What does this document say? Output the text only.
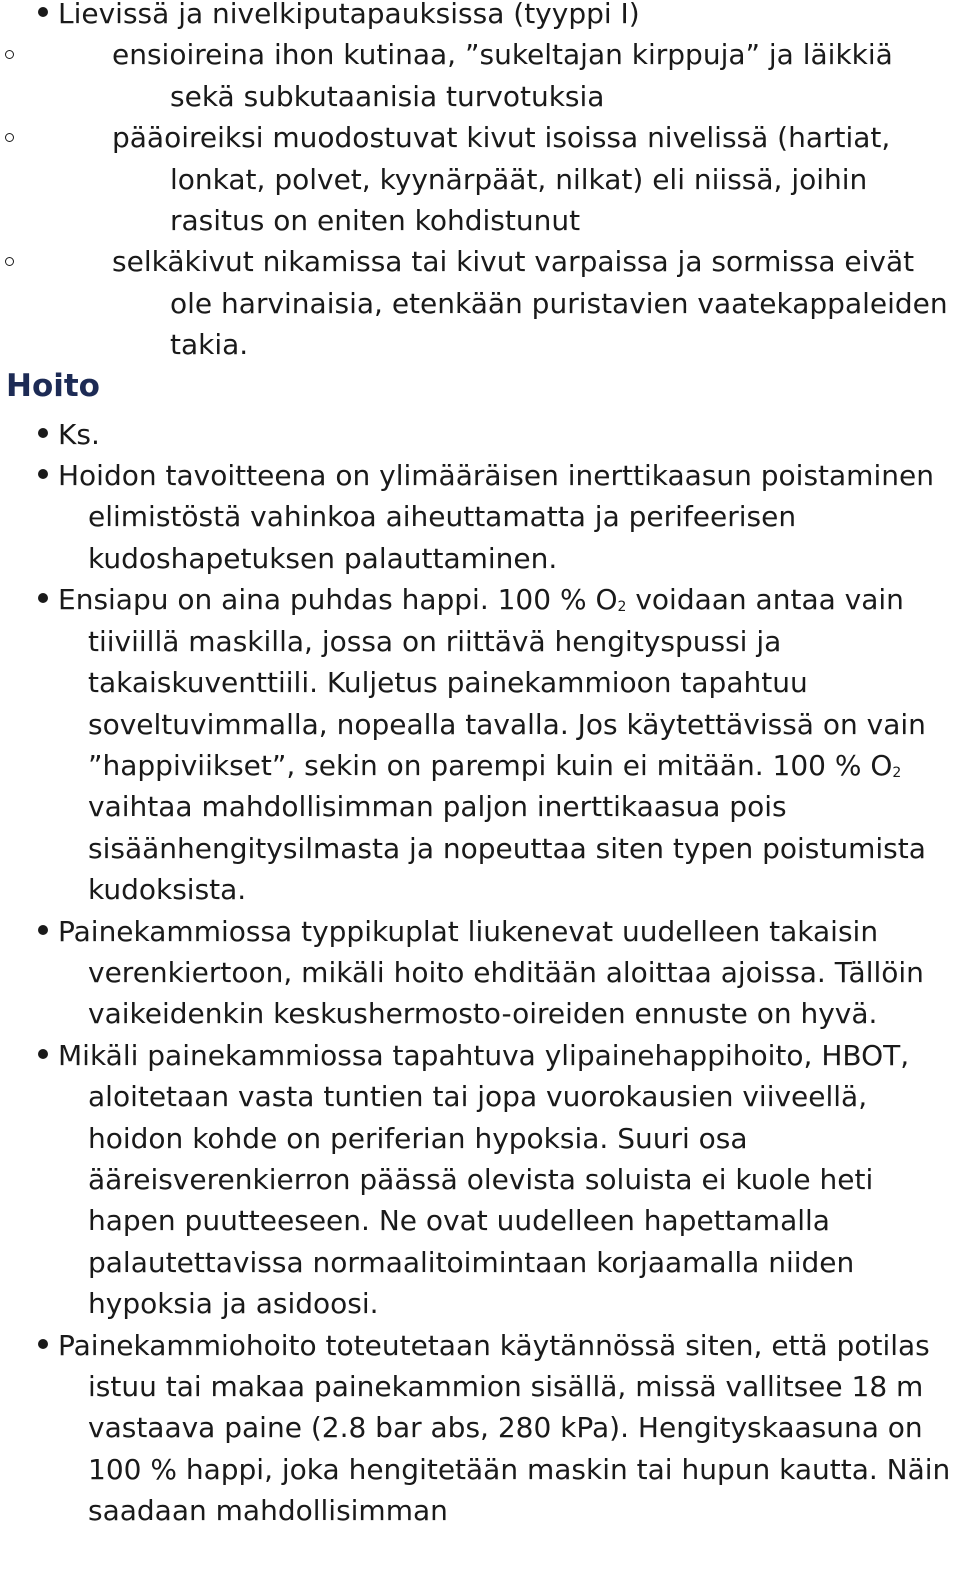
Lievissä ja nivelkiputapauksissa (tyyppi I)
ensioireina ihon kutinaa, ”sukeltajan kirppuja” ja läikkiä sekä subkutaanisia turvotuksia
pääoireiksi muodostuvat kivut isoissa nivelissä (hartiat, lonkat, polvet, kyynärpäät, nilkat) eli niissä, joihin rasitus on eniten kohdistunut
selkäkivut nikamissa tai kivut varpaissa ja sormissa eivät ole harvinaisia, etenkään puristavien vaatekappaleiden takia.
Hoito
Ks.
Hoidon tavoitteena on ylimääräisen inerttikaasun poistaminen elimistöstä vahinkoa aiheuttamatta ja perifeerisen kudoshapetuksen palauttaminen.
Ensiapu on aina puhdas happi. 100 % $O_2$ voidaan antaa vain tiiviillä maskilla, jossa on riittävä hengityspussi ja takaiskuventtiili. Kuljetus painekammioon tapahtuu soveltuvimmalla, nopealla tavalla. Jos käytettävissä on vain ”happiviikset”, sekin on parempi kuin ei mitään. 100 % $O_2$ vaihtaa mahdollisimman paljon inerttikaasua pois sisäänhengitysilmasta ja nopeuttaa siten typen poistumista kudoksista.
Painekammiossa typpikuplat liukenevat uudelleen takaisin verenkiertoon, mikäli hoito ehditään aloittaa ajoissa. Tällöin vaikeidenkin keskushermosto-oireiden ennuste on hyvä.
Mikäli painekammiossa tapahtuva ylipainehappihoito, HBOT, aloitetaan vasta tuntien tai jopa vuorokausien viiveellä, hoidon kohde on periferian hypoksia. Suuri osa ääreisverenkierron päässä olevista soluista ei kuole heti hapen puutteeseen. Ne ovat uudelleen hapettamalla palautettavissa normaalitoimintaan korjaamalla niiden hypoksia ja asidoosi.
Painekammiohoito toteutetaan käytännössä siten, että potilas istuu tai makaa painekammion sisällä, missä vallitsee 18 m vastaava paine (2.8 bar abs, 280 kPa). Hengityskaasuna on 100 % happi, joka hengitetään maskin tai hupun kautta. Näin saadaan mahdollisimman
